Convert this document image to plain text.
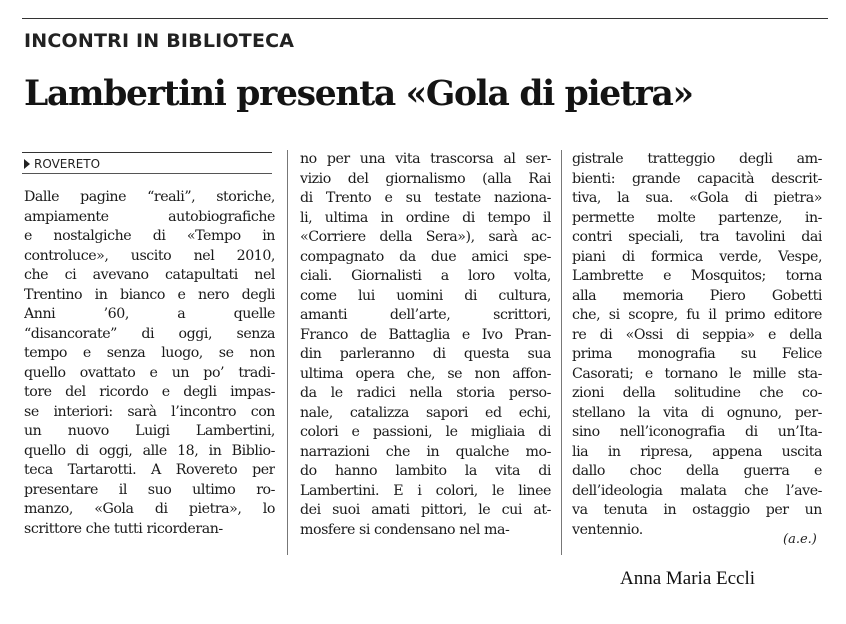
INCONTRI IN BIBLIOTECA
Lambertini presenta «Gola di pietra»
ROVERETO
Dalle pagine “reali”, storiche,
ampiamente autobiografiche
e nostalgiche di «Tempo in
controluce», uscito nel 2010,
che ci avevano catapultati nel
Trentino in bianco e nero degli
Anni ’60, a quelle
“disancorate” di oggi, senza
tempo e senza luogo, se non
quello ovattato e un po’ tradi-
tore del ricordo e degli impas-
se interiori: sarà l’incontro con
un nuovo Luigi Lambertini,
quello di oggi, alle 18, in Biblio-
teca Tartarotti. A Rovereto per
presentare il suo ultimo ro-
manzo, «Gola di pietra», lo
scrittore che tutti ricorderan-
no per una vita trascorsa al ser-
vizio del giornalismo (alla Rai
di Trento e su testate naziona-
li, ultima in ordine di tempo il
«Corriere della Sera»), sarà ac-
compagnato da due amici spe-
ciali. Giornalisti a loro volta,
come lui uomini di cultura,
amanti dell’arte, scrittori,
Franco de Battaglia e Ivo Pran-
din parleranno di questa sua
ultima opera che, se non affon-
da le radici nella storia perso-
nale, catalizza sapori ed echi,
colori e passioni, le migliaia di
narrazioni che in qualche mo-
do hanno lambito la vita di
Lambertini. E i colori, le linee
dei suoi amati pittori, le cui at-
mosfere si condensano nel ma-
gistrale tratteggio degli am-
bienti: grande capacità descrit-
tiva, la sua. «Gola di pietra»
permette molte partenze, in-
contri speciali, tra tavolini dai
piani di formica verde, Vespe,
Lambrette e Mosquitos; torna
alla memoria Piero Gobetti
che, si scopre, fu il primo editore
re di «Ossi di seppia» e della
prima monografia su Felice
Casorati; e tornano le mille sta-
zioni della solitudine che co-
stellano la vita di ognuno, per-
sino nell’iconografia di un’Ita-
lia in ripresa, appena uscita
dallo choc della guerra e
dell’ideologia malata che l’ave-
va tenuta in ostaggio per un
ventennio.
(a.e.)
Anna Maria Eccli
